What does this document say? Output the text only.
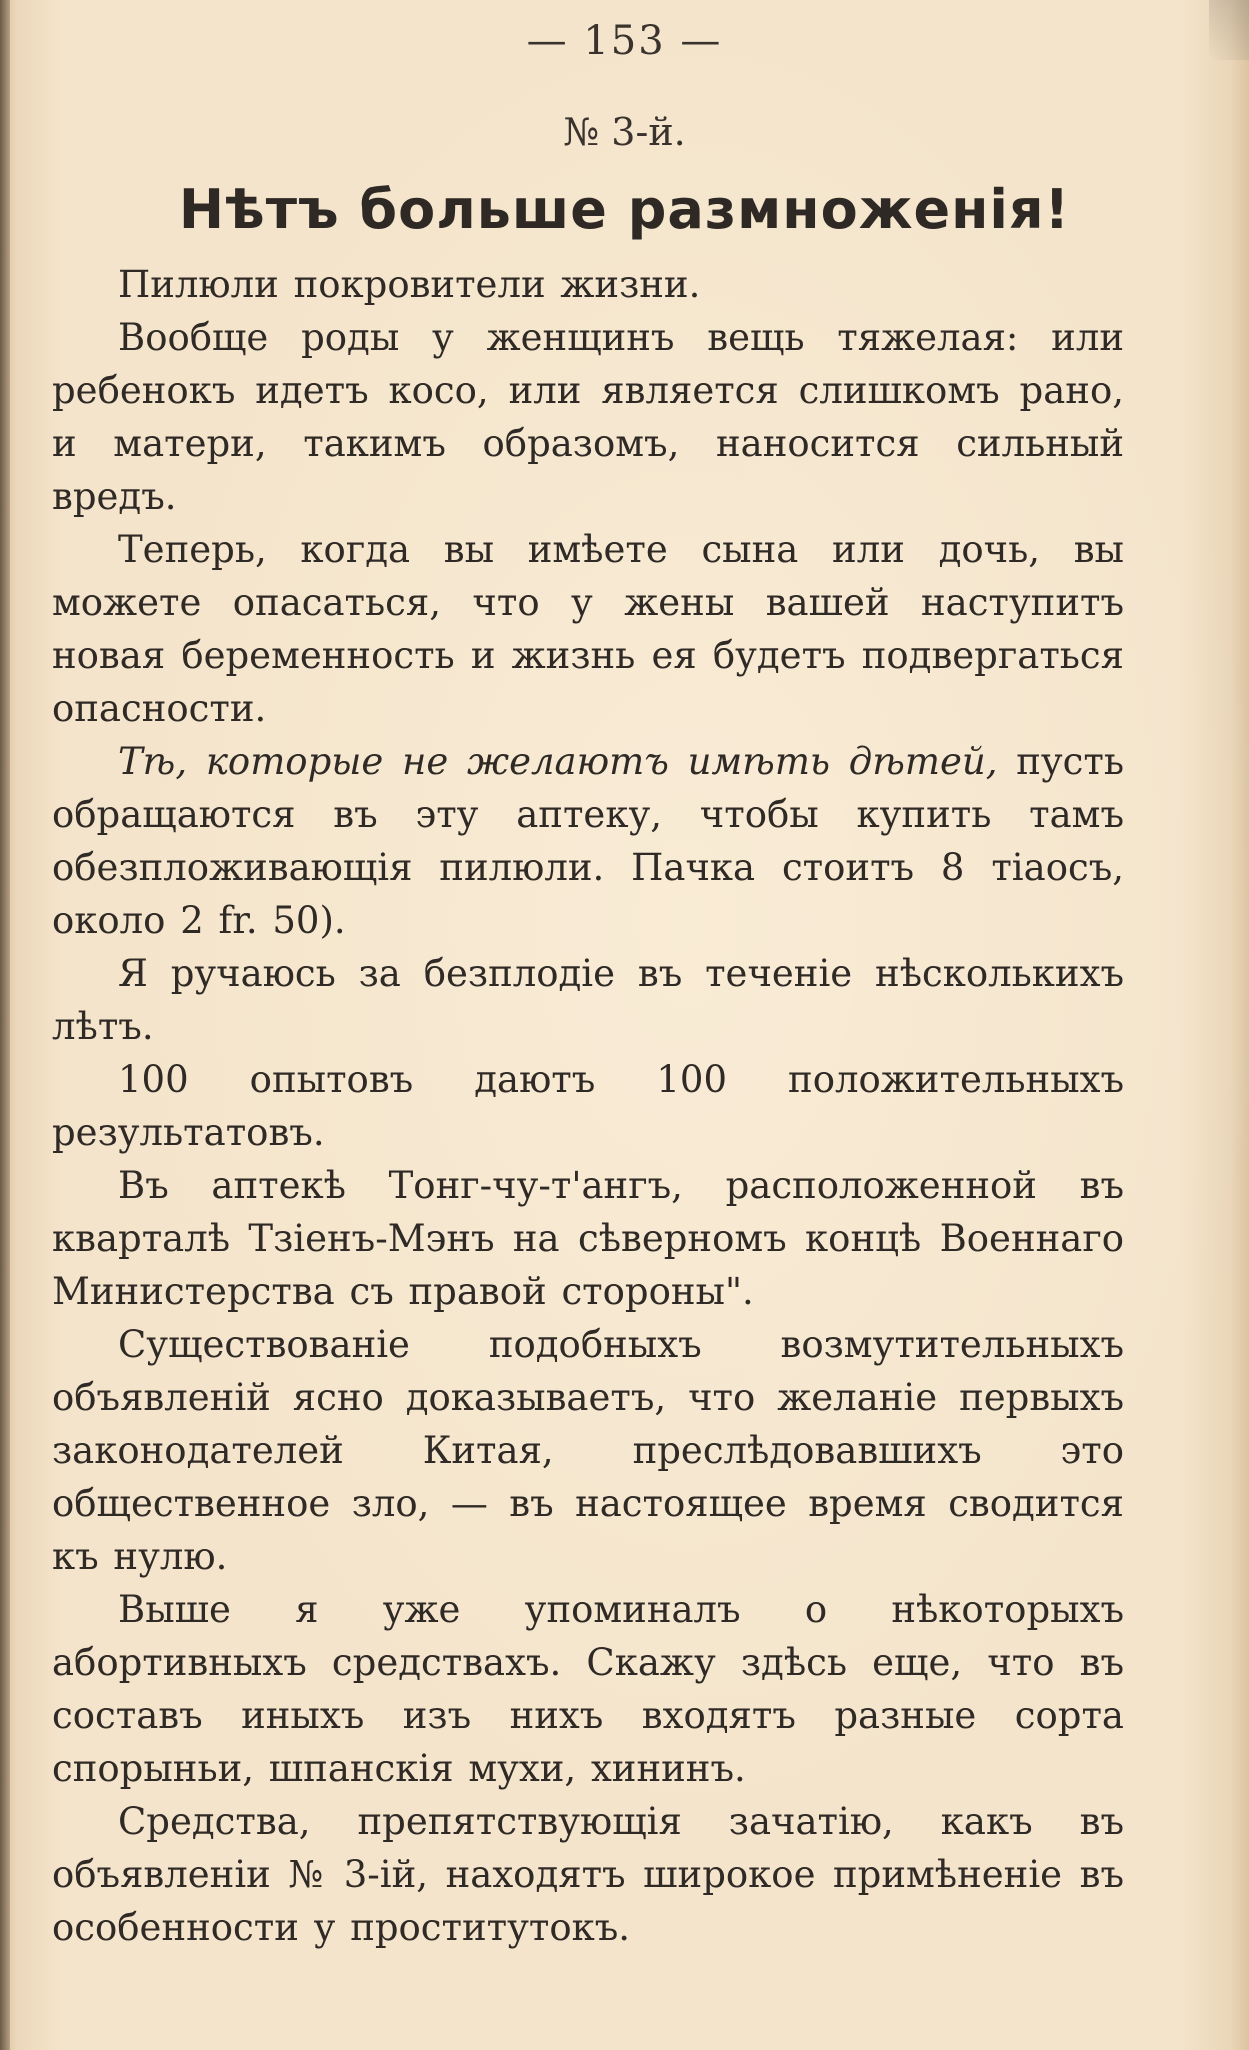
— 153 —
№ 3-й.
Нѣтъ больше размноженія!

Пилюли покровители жизни.

Вообще роды у женщинъ вещь тяжелая: или ребенокъ идетъ косо, или является слишкомъ рано, и матери, такимъ образомъ, наносится сильный вредъ.

Теперь, когда вы имѣете сына или дочь, вы можете опасаться, что у жены вашей наступитъ новая беременность и жизнь ея будетъ подвергаться опасности.

Тѣ, которые не желаютъ имѣть дѣтей, пусть обращаются въ эту аптеку, чтобы купить тамъ обезпложивающія пилюли. Пачка стоитъ 8 тіаосъ, около 2 fr. 50).

Я ручаюсь за безплодіе въ теченіе нѣсколькихъ лѣтъ.

100 опытовъ даютъ 100 положительныхъ результатовъ.

Въ аптекѣ Тонг-чу-т'ангъ, расположенной въ кварталѣ Тзіенъ-Мэнъ на сѣверномъ концѣ Военнаго Министерства съ правой стороны".

Существованіе подобныхъ возмутительныхъ объявленій ясно доказываетъ, что желаніе первыхъ законодателей Китая, преслѣдовавшихъ это общественное зло, — въ настоящее время сводится къ нулю.

Выше я уже упоминалъ о нѣкоторыхъ абортивныхъ средствахъ. Скажу здѣсь еще, что въ составъ иныхъ изъ нихъ входятъ разные сорта спорыньи, шпанскія мухи, хининъ.

Средства, препятствующія зачатію, какъ въ объявленіи № 3-ій, находятъ широкое примѣненіе въ особенности у проститутокъ.
